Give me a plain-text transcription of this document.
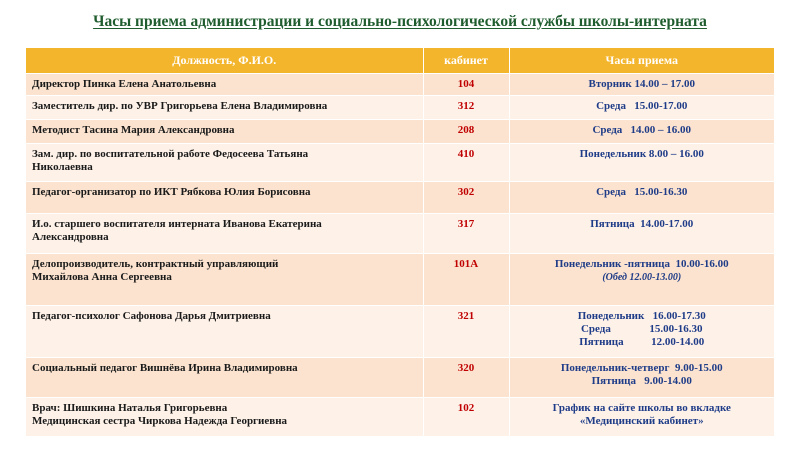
Часы приема администрации и социально-психологической службы школы-интерната
Должность, Ф.И.О.	кабинет	Часы приема

Директор Пинка Елена Анатольевна	104	Вторник 14.00 – 17.00

Заместитель дир. по УВР Григорьева Елена Владимировна	312	Среда   15.00-17.00

Методист Тасина Мария Александровна	208	Среда   14.00 – 16.00

Зам. дир. по воспитательной работе Федосеева Татьяна
Николаевна	410	Понедельник 8.00 – 16.00

Педагог-организатор по ИКТ Рябкова Юлия Борисовна	302	Среда   15.00-16.30

И.о. старшего воспитателя интерната Иванова Екатерина
Александровна	317	Пятница  14.00-17.00

Делопроизводитель, контрактный управляющий
Михайлова Анна Сергеевна	101А	Понедельник -пятница  10.00-16.00
(Обед 12.00-13.00)

Педагог-психолог Сафонова Дарья Дмитриевна	321	Понедельник   16.00-17.30
Среда              15.00-16.30
Пятница          12.00-14.00

Социальный педагог Вишнёва Ирина Владимировна	320	Понедельник-четверг  9.00-15.00
Пятница   9.00-14.00

Врач: Шишкина Наталья Григорьевна
Медицинская сестра Чиркова Надежда Георгиевна	102	График на сайте школы во вкладке
«Медицинский кабинет»
